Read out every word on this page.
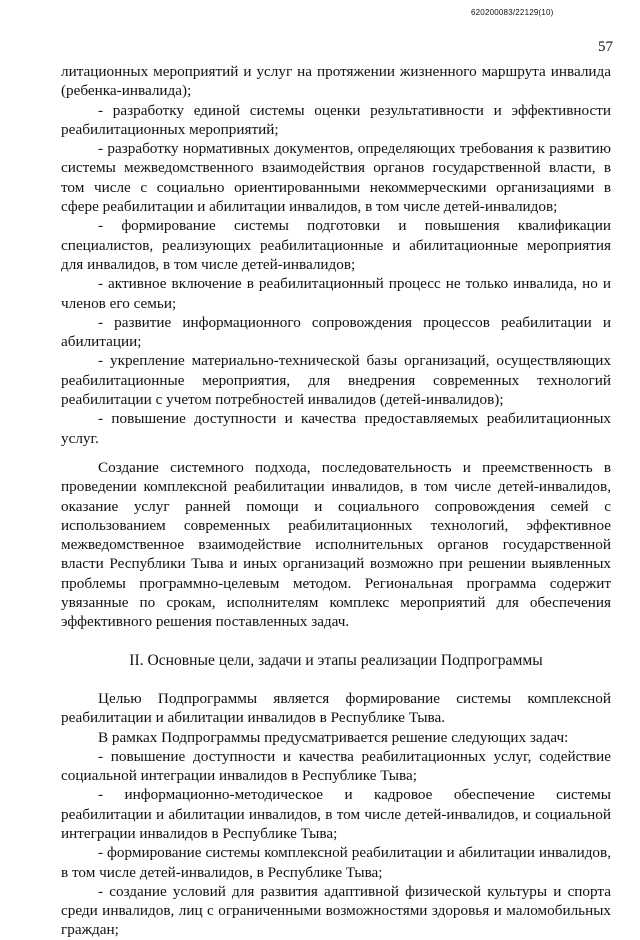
620200083/22129(10)
57

литационных мероприятий и услуг на протяжении жизненного маршрута инвалида (ребенка-инвалида);

- разработку единой системы оценки результативности и эффективности реабилитационных мероприятий;

- разработку нормативных документов, определяющих требования к развитию системы межведомственного взаимодействия органов государственной власти, в том числе с социально ориентированными некоммерческими организациями в сфере реабилитации и абилитации инвалидов, в том числе детей-инвалидов;

- формирование системы подготовки и повышения квалификации специалистов, реализующих реабилитационные и абилитационные мероприятия для инвалидов, в том числе детей-инвалидов;

- активное включение в реабилитационный процесс не только инвалида, но и членов его семьи;

- развитие информационного сопровождения процессов реабилитации и абилитации;

- укрепление материально-технической базы организаций, осуществляющих реабилитационные мероприятия, для внедрения современных технологий реабилитации с учетом потребностей инвалидов (детей-инвалидов);

- повышение доступности и качества предоставляемых реабилитационных услуг.

Создание системного подхода, последовательность и преемственность в проведении комплексной реабилитации инвалидов, в том числе детей-инвалидов, оказание услуг ранней помощи и социального сопровождения семей с использованием современных реабилитационных технологий, эффективное межведомственное взаимодействие исполнительных органов государственной власти Республики Тыва и иных организаций возможно при решении выявленных проблемы программно-целевым методом. Региональная программа содержит увязанные по срокам, исполнителям комплекс мероприятий для обеспечения эффективного решения поставленных задач.

II. Основные цели, задачи и этапы реализации Подпрограммы

Целью Подпрограммы является формирование системы комплексной реабилитации и абилитации инвалидов в Республике Тыва.

В рамках Подпрограммы предусматривается решение следующих задач:

- повышение доступности и качества реабилитационных услуг, содействие социальной интеграции инвалидов в Республике Тыва;

- информационно-методическое и кадровое обеспечение системы реабилитации и абилитации инвалидов, в том числе детей-инвалидов, и социальной интеграции инвалидов в Республике Тыва;

- формирование системы комплексной реабилитации и абилитации инвалидов, в том числе детей-инвалидов, в Республике Тыва;

- создание условий для развития адаптивной физической культуры и спорта среди инвалидов, лиц с ограниченными возможностями здоровья и маломобильных граждан;
